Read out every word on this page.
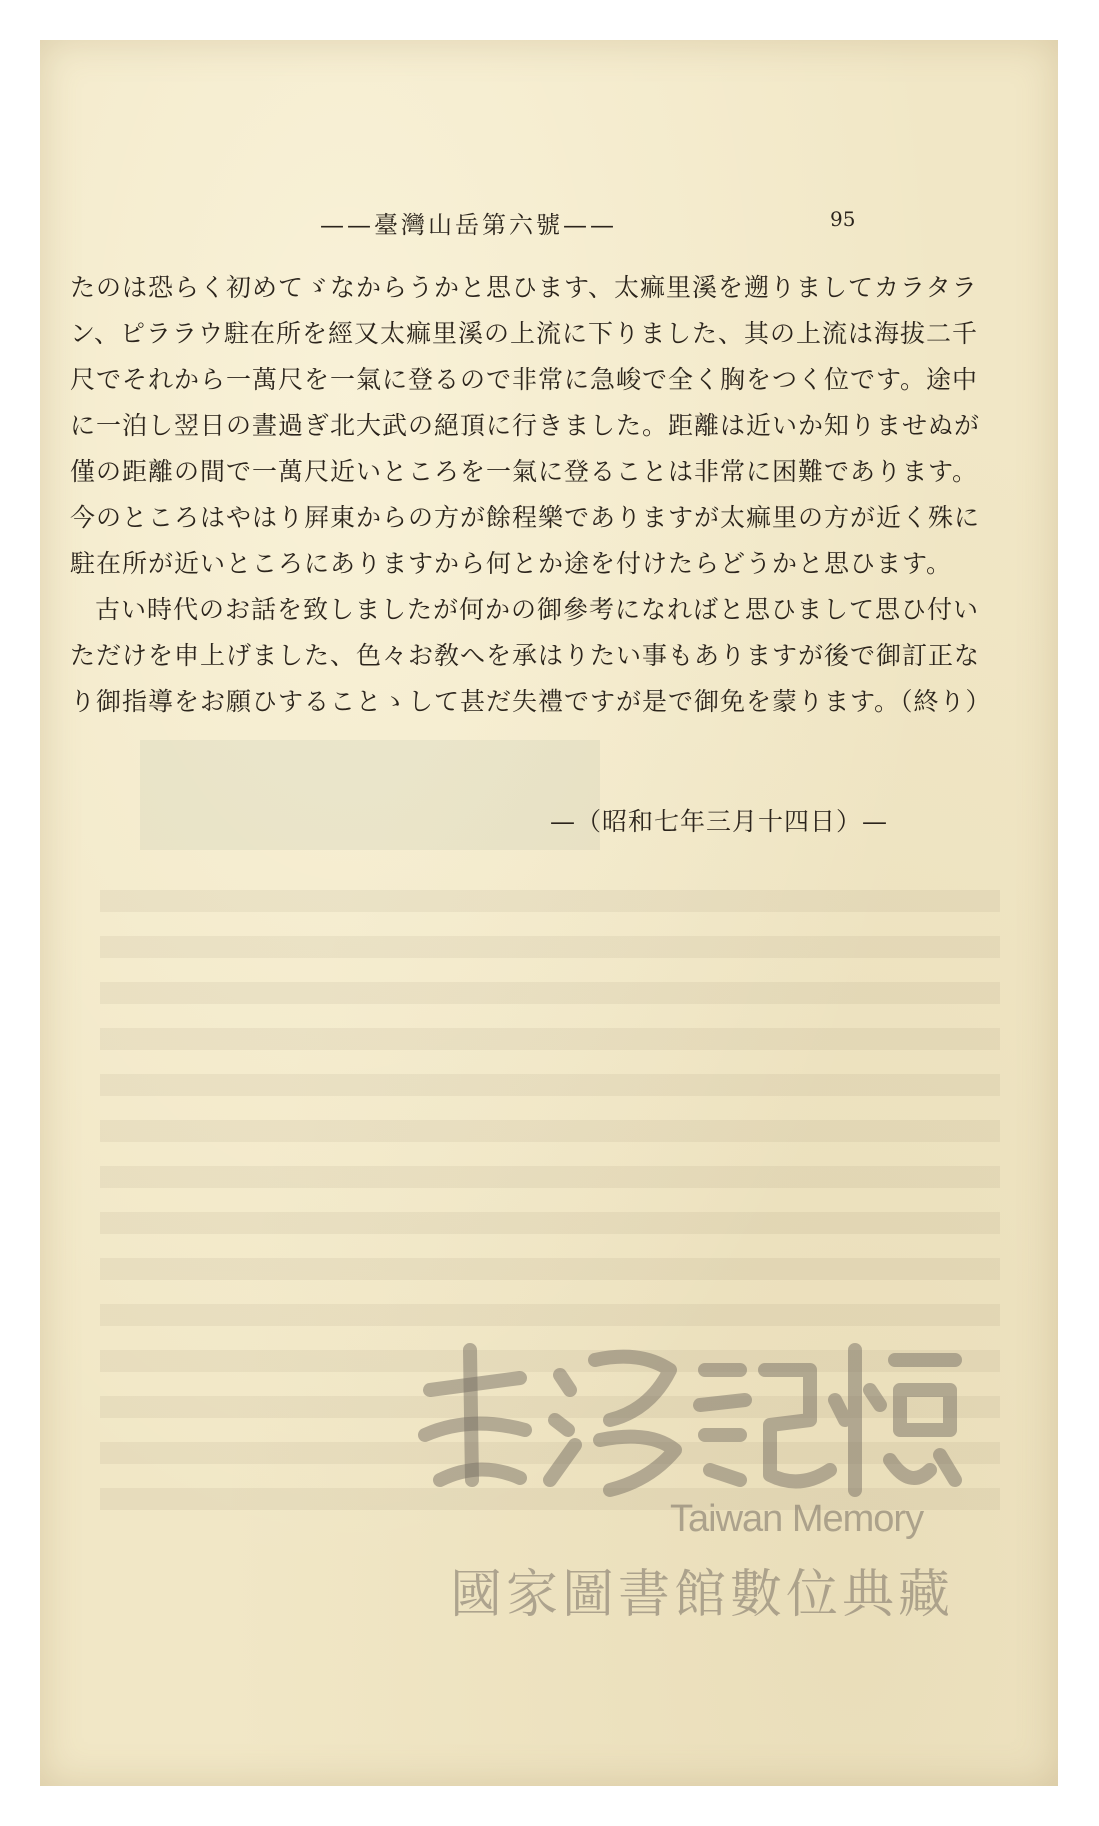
——臺灣山岳第六號——	95
たのは恐らく初めてゞなからうかと思ひます、太痲里溪を遡りましてカラタラ
ン、ピララウ駐在所を經又太痲里溪の上流に下りました、其の上流は海拔二千
尺でそれから一萬尺を一氣に登るので非常に急峻で全く胸をつく位です。途中
に一泊し翌日の晝過ぎ北大武の絕頂に行きました。距離は近いか知りませぬが
僅の距離の間で一萬尺近いところを一氣に登ることは非常に困難であります。
今のところはやはり屛東からの方が餘程樂でありますが太痲里の方が近く殊に
駐在所が近いところにありますから何とか途を付けたらどうかと思ひます。
古い時代のお話を致しましたが何かの御參考になればと思ひまして思ひ付い
ただけを申上げました、色々お敎へを承はりたい事もありますが後で御訂正な
り御指導をお願ひすることゝして甚だ失禮ですが是で御免を蒙ります。（終り）
—（昭和七年三月十四日）—
Taiwan Memory
國家圖書館數位典藏
